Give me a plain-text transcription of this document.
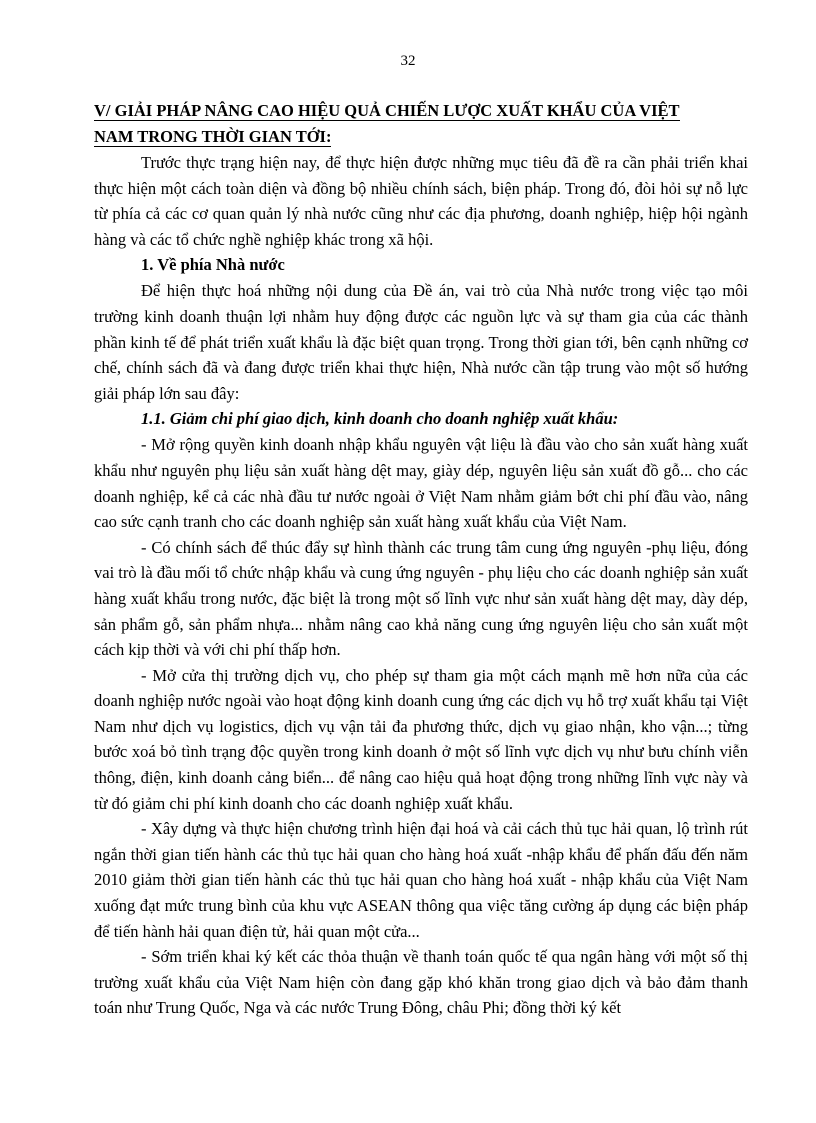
32

V/ GIẢI PHÁP NÂNG CAO HIỆU QUẢ CHIẾN LƯỢC XUẤT KHẨU CỦA VIỆT
NAM TRONG THỜI GIAN TỚI:

Trước thực trạng hiện nay, để thực hiện được những mục tiêu đã đề ra cần phải triển khai thực hiện một cách toàn diện và đồng bộ nhiều chính sách, biện pháp. Trong đó, đòi hỏi sự nỗ lực từ phía cả các cơ quan quản lý nhà nước cũng như các địa phương, doanh nghiệp, hiệp hội ngành hàng và các tổ chức nghề nghiệp khác trong xã hội.

1. Về phía Nhà nước

Để hiện thực hoá những nội dung của Đề án, vai trò của Nhà nước trong việc tạo môi trường kinh doanh thuận lợi nhằm huy động được các nguồn lực và sự tham gia của các thành phần kinh tế để phát triển xuất khẩu là đặc biệt quan trọng. Trong thời gian tới, bên cạnh những cơ chế, chính sách đã và đang được triển khai thực hiện, Nhà nước cần tập trung vào một số hướng giải pháp lớn sau đây:

1.1. Giảm chi phí giao dịch, kinh doanh cho doanh nghiệp xuất khẩu:

- Mở rộng quyền kinh doanh nhập khẩu nguyên vật liệu là đầu vào cho sản xuất hàng xuất khẩu như nguyên phụ liệu sản xuất hàng dệt may, giày dép, nguyên liệu sản xuất đồ gỗ... cho các doanh nghiệp, kể cả các nhà đầu tư nước ngoài ở Việt Nam nhằm giảm bớt chi phí đầu vào, nâng cao sức cạnh tranh cho các doanh nghiệp sản xuất hàng xuất khẩu của Việt Nam.

- Có chính sách để thúc đẩy sự hình thành các trung tâm cung ứng nguyên -phụ liệu, đóng vai trò là đầu mối tổ chức nhập khẩu và cung ứng nguyên - phụ liệu cho các doanh nghiệp sản xuất hàng xuất khẩu trong nước, đặc biệt là trong một số lĩnh vực như sản xuất hàng dệt may, dày dép, sản phẩm gỗ, sản phẩm nhựa... nhằm nâng cao khả năng cung ứng nguyên liệu cho sản xuất một cách kịp thời và với chi phí thấp hơn.

- Mở cửa thị trường dịch vụ, cho phép sự tham gia một cách mạnh mẽ hơn nữa của các doanh nghiệp nước ngoài vào hoạt động kinh doanh cung ứng các dịch vụ hỗ trợ xuất khẩu tại Việt Nam như dịch vụ logistics, dịch vụ vận tải đa phương thức, dịch vụ giao nhận, kho vận...; từng bước xoá bỏ tình trạng độc quyền trong kinh doanh ở một số lĩnh vực dịch vụ như bưu chính viễn thông, điện, kinh doanh cảng biển... để nâng cao hiệu quả hoạt động trong những lĩnh vực này và từ đó giảm chi phí kinh doanh cho các doanh nghiệp xuất khẩu.

- Xây dựng và thực hiện chương trình hiện đại hoá và cải cách thủ tục hải quan, lộ trình rút ngắn thời gian tiến hành các thủ tục hải quan cho hàng hoá xuất -nhập khẩu để phấn đấu đến năm 2010 giảm thời gian tiến hành các thủ tục hải quan cho hàng hoá xuất - nhập khẩu của Việt Nam xuống đạt mức trung bình của khu vực ASEAN thông qua việc tăng cường áp dụng các biện pháp để tiến hành hải quan điện tử, hải quan một cửa...

- Sớm triển khai ký kết các thỏa thuận về thanh toán quốc tế qua ngân hàng với một số thị trường xuất khẩu của Việt Nam hiện còn đang gặp khó khăn trong giao dịch và bảo đảm thanh toán như Trung Quốc, Nga và các nước Trung Đông, châu Phi; đồng thời ký kết
